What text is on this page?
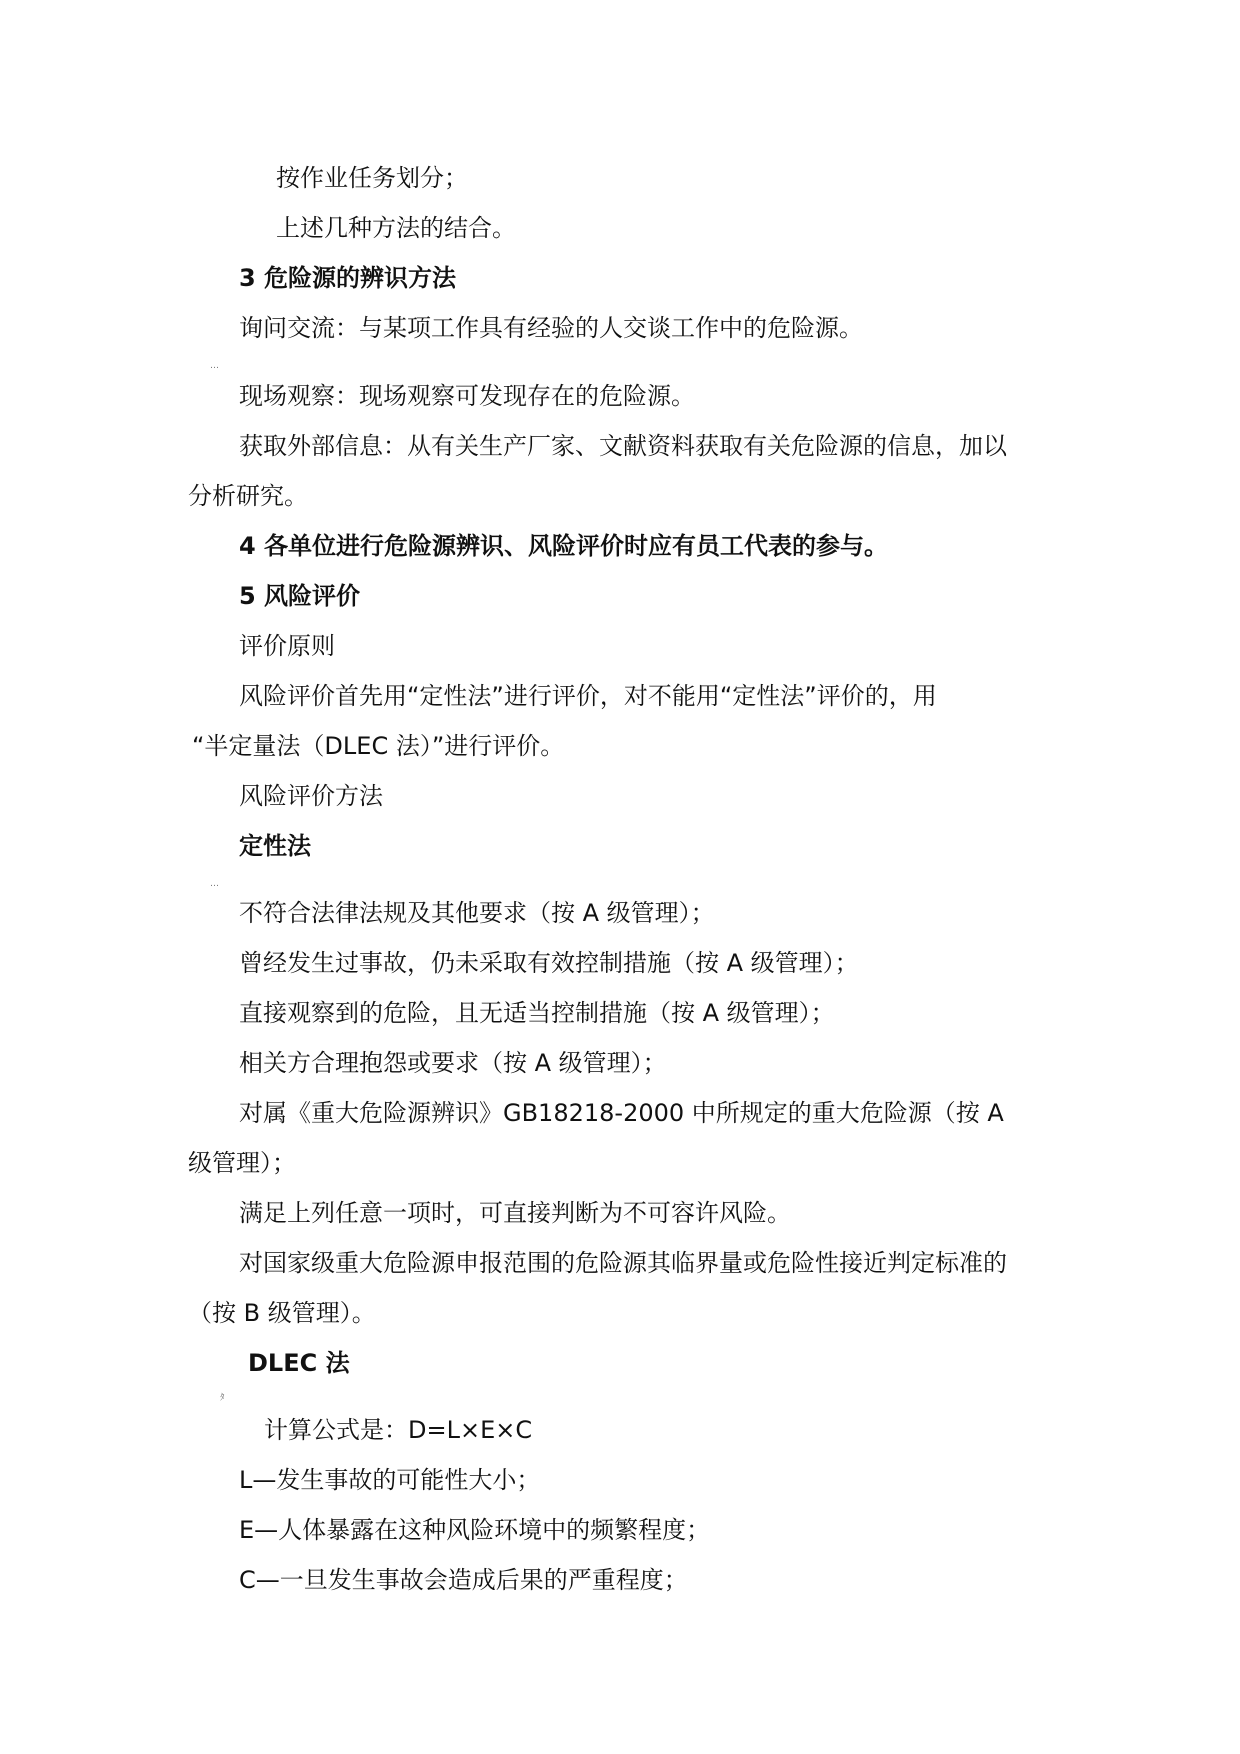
按作业任务划分；
上述几种方法的结合。
3 危险源的辨识方法
询问交流：与某项工作具有经验的人交谈工作中的危险源。
…
现场观察：现场观察可发现存在的危险源。
获取外部信息：从有关生产厂家、文献资料获取有关危险源的信息，加以
分析研究。
4 各单位进行危险源辨识、风险评价时应有员工代表的参与。
5 风险评价
评价原则
风险评价首先用“定性法”进行评价，对不能用“定性法”评价的，用
“半定量法（DLEC 法）”进行评价。
风险评价方法
定性法
…
不符合法律法规及其他要求（按 A 级管理）；
曾经发生过事故，仍未采取有效控制措施（按 A 级管理）；
直接观察到的危险，且无适当控制措施（按 A 级管理）；
相关方合理抱怨或要求（按 A 级管理）；
对属《重大危险源辨识》GB18218-2000 中所规定的重大危险源（按 A
级管理）；
满足上列任意一项时，可直接判断为不可容许风险。
对国家级重大危险源申报范围的危险源其临界量或危险性接近判定标准的
（按 B 级管理）。
DLEC 法
ﾀ
计算公式是：D=L×E×C
L—发生事故的可能性大小；
E—人体暴露在这种风险环境中的频繁程度；
C—一旦发生事故会造成后果的严重程度；
